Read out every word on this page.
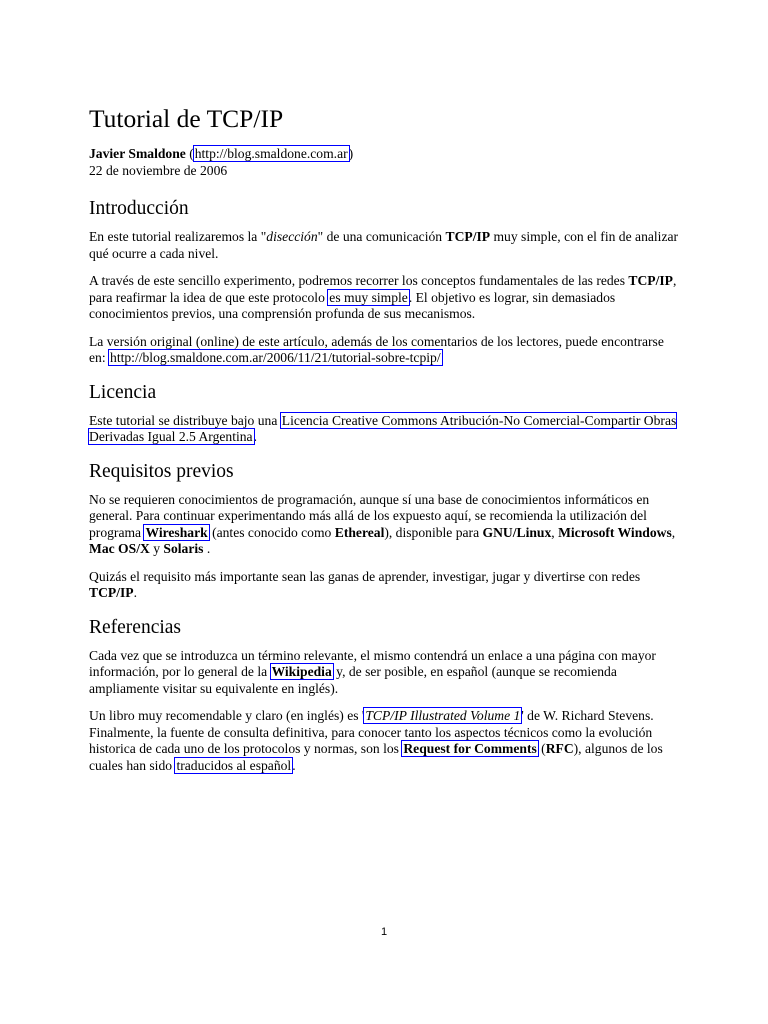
Tutorial de TCP/IP
Javier Smaldone (http://blog.smaldone.com.ar)
22 de noviembre de 2006
Introducción

En este tutorial realizaremos la "disección" de una comunicación TCP/IP muy simple, con el fin de analizar qué ocurre a cada nivel.

A través de este sencillo experimento, podremos recorrer los conceptos fundamentales de las redes TCP/IP, para reafirmar la idea de que este protocolo es muy simple. El objetivo es lograr, sin demasiados conocimientos previos, una comprensión profunda de sus mecanismos.

La versión original (online) de este artículo, además de los comentarios de los lectores, puede encontrarse en: http://blog.smaldone.com.ar/2006/11/21/tutorial-sobre-tcpip/

Licencia

Este tutorial se distribuye bajo una Licencia Creative Commons Atribución-No Comercial-Compartir Obras Derivadas Igual 2.5 Argentina.

Requisitos previos

No se requieren conocimientos de programación, aunque sí una base de conocimientos informáticos en general. Para continuar experimentando más allá de los expuesto aquí, se recomienda la utilización del programa Wireshark (antes conocido como Ethereal), disponible para GNU/Linux, Microsoft Windows, Mac OS/X y Solaris .

Quizás el requisito más importante sean las ganas de aprender, investigar, jugar y divertirse con redes TCP/IP.

Referencias

Cada vez que se introduzca un término relevante, el mismo contendrá un enlace a una página con mayor información, por lo general de la Wikipedia y, de ser posible, en español (aunque se recomienda ampliamente visitar su equivalente en inglés).

Un libro muy recomendable y claro (en inglés) es 'TCP/IP Illustrated Volume 1' de W. Richard Stevens. Finalmente, la fuente de consulta definitiva, para conocer tanto los aspectos técnicos como la evolución historica de cada uno de los protocolos y normas, son los Request for Comments (RFC), algunos de los cuales han sido traducidos al español.

1
